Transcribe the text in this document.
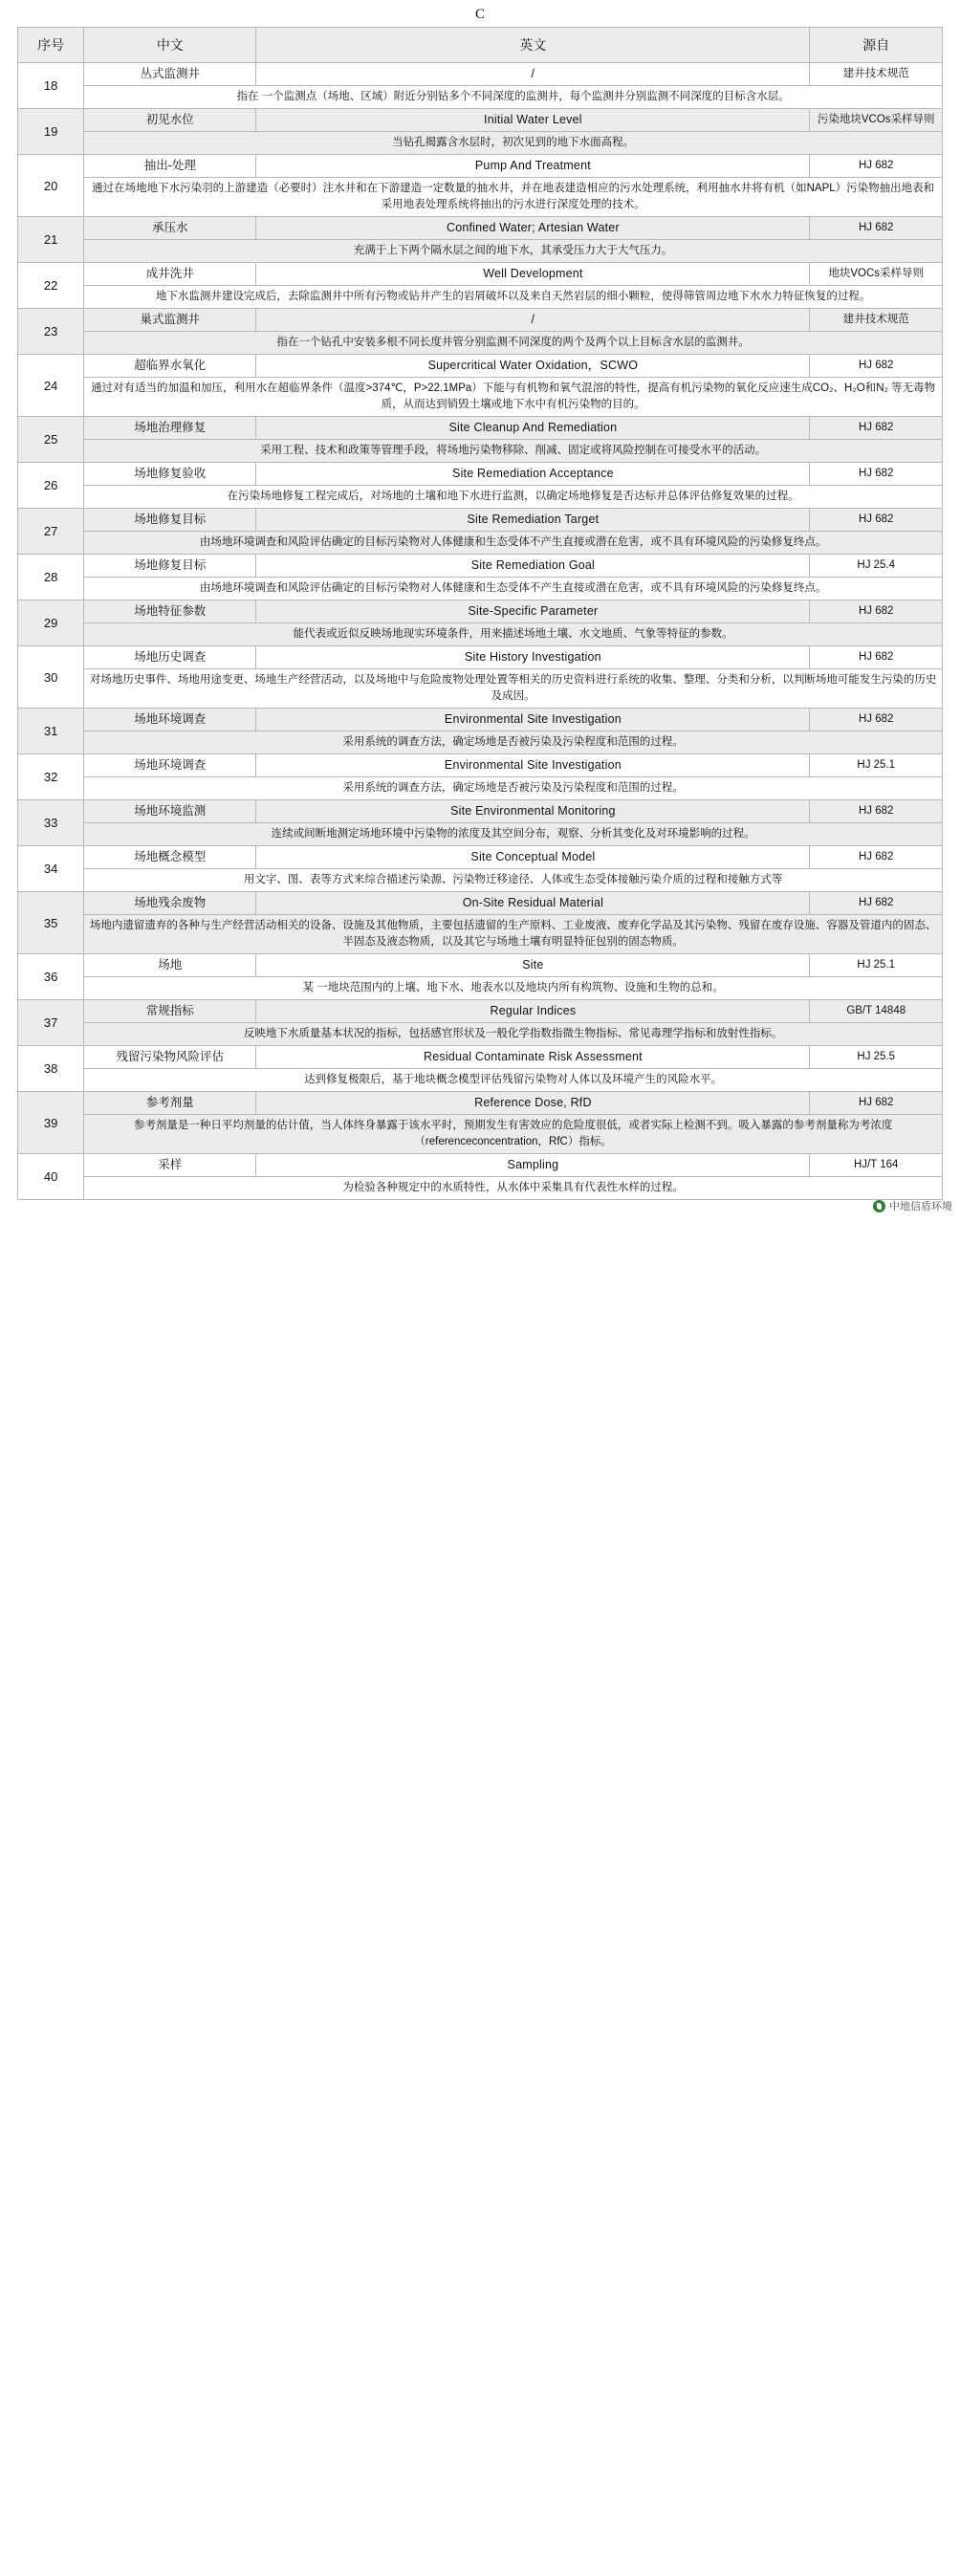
C
序号	中文	英文	源自
18	丛式监测井	/	建井技术规范
	指在 一个监测点（场地、区域）附近分别钻多个不同深度的监测井，每个监测井分别监测不同深度的目标含水层。		
19	初见水位	Initial Water Level	污染地块VCOs采样导则
	当钻孔揭露含水层时，初次见到的地下水面高程。		
20	抽出-处理	Pump And Treatment	HJ 682
	通过在场地地下水污染羽的上游建造（必要时）注水井和在下游建造一定数量的抽水井，并在地表建造相应的污水处理系统，利用抽水井将有机（如NAPL）污染物抽出地表和采用地表处理系统将抽出的污水进行深度处理的技术。		
21	承压水	Confined Water; Artesian Water	HJ 682
	充满于上下两个隔水层之间的地下水，其承受压力大于大气压力。		
22	成井洗井	Well Development	地块VOCs采样导则
	地下水监测井建设完成后，去除监测井中所有污物或钻井产生的岩屑破坏以及来自天然岩层的细小颗粒，使得筛管周边地下水水力特征恢复的过程。		
23	巢式监测井	/	建井技术规范
	指在一个钻孔中安装多根不同长度井管分别监测不同深度的两个及两个以上目标含水层的监测井。		
24	超临界水氧化	Supercritical Water Oxidation，SCWO	HJ 682
	通过对有适当的加温和加压，利用水在超临界条件（温度>374℃，P>22.1MPa）下能与有机物和氧气混溶的特性，提高有机污染物的氧化反应速生成CO₂、H₂O和N₂ 等无毒物质，从而达到销毁土壤或地下水中有机污染物的目的。		
25	场地治理修复	Site Cleanup And Remediation	HJ 682
	采用工程、技术和政策等管理手段，将场地污染物移除、削减、固定或将风险控制在可接受水平的活动。		
26	场地修复验收	Site Remediation Acceptance	HJ 682
	在污染场地修复工程完成后，对场地的土壤和地下水进行监测，以确定场地修复是否达标并总体评估修复效果的过程。		
27	场地修复目标	Site Remediation Target	HJ 682
	由场地环境调查和风险评估确定的目标污染物对人体健康和生态受体不产生直接或潜在危害，或不具有环境风险的污染修复终点。		
28	场地修复目标	Site Remediation Goal	HJ 25.4
	由场地环境调查和风险评估确定的目标污染物对人体健康和生态受体不产生直接或潜在危害，或不具有环境风险的污染修复终点。		
29	场地特征参数	Site-Specific Parameter	HJ 682
	能代表或近似反映场地现实环境条件，用来描述场地土壤、水文地质、气象等特征的参数。		
30	场地历史调查	Site History Investigation	HJ 682
	对场地历史事件、场地用途变更、场地生产经营活动，以及场地中与危险废物处理处置等相关的历史资料进行系统的收集、整理、分类和分析，以判断场地可能发生污染的历史及成因。		
31	场地环境调查	Environmental Site Investigation	HJ 682
	采用系统的调查方法，确定场地是否被污染及污染程度和范围的过程。		
32	场地环境调查	Environmental Site Investigation	HJ 25.1
	采用系统的调查方法，确定场地是否被污染及污染程度和范围的过程。		
33	场地环境监测	Site Environmental Monitoring	HJ 682
	连续或间断地测定场地环境中污染物的浓度及其空间分布，观察、分析其变化及对环境影响的过程。		
34	场地概念模型	Site Conceptual Model	HJ 682
	用文字、图、表等方式来综合描述污染源、污染物迁移途径、人体或生态受体接触污染介质的过程和接触方式等		
35	场地残余废物	On-Site Residual Material	HJ 682
	场地内遗留遗弃的各种与生产经营活动相关的设备、设施及其他物质，主要包括遗留的生产原料、工业废液、废弃化学品及其污染物、残留在废存设施、容器及管道内的固态、半固态及液态物质，以及其它与场地土壤有明显特征包别的固态物质。		
36	场地	Site	HJ 25.1
	某 一地块范围内的上壤、地下水、地表水以及地块内所有构筑物、设施和生物的总和。		
37	常规指标	Regular Indices	GB/T 14848
	反映地下水质量基本状况的指标，包括感官形状及一般化学指数指微生物指标、常见毒理学指标和放射性指标。		
38	残留污染物风险评估	Residual Contaminate Risk Assessment	HJ 25.5
	达到修复极限后，基于地块概念模型评估残留污染物对人体以及环境产生的风险水平。		
39	参考剂量	Reference Dose, RfD	HJ 682
	参考剂量是一种日平均剂量的估计值，当人体终身暴露于该水平时，预期发生有害效应的危险度很低，或者实际上检测不到。吸入暴露的参考剂量称为考浓度（referenceconcentration，RfC）指标。		
40	采样	Sampling	HJ/T 164
	为检验各种规定中的水质特性，从水体中采集具有代表性水样的过程。		
中地信盾环境
